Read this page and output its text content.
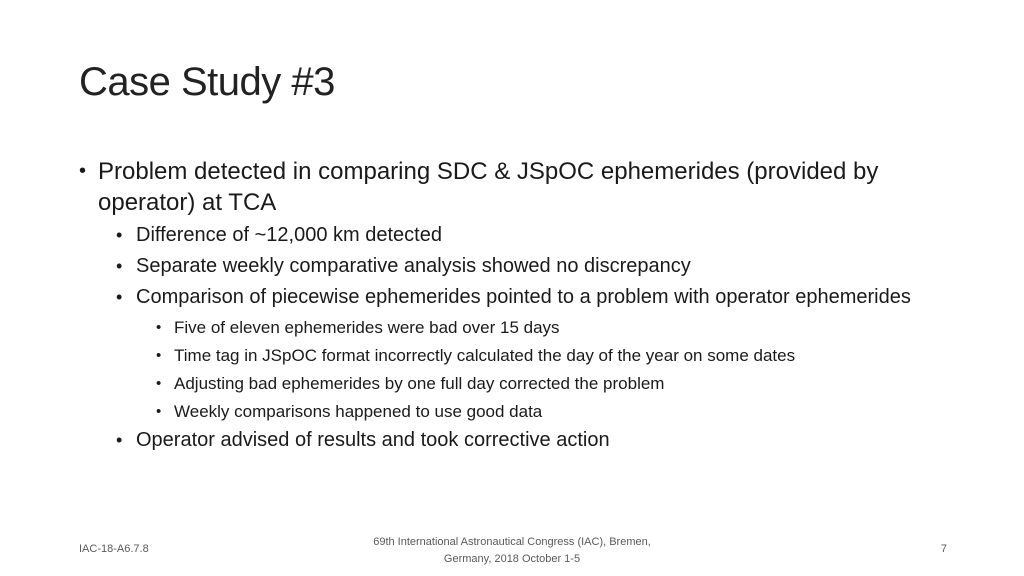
Case Study #3
• Problem detected in comparing SDC & JSpOC ephemerides (provided by operator) at TCA
• Difference of ~12,000 km detected
• Separate weekly comparative analysis showed no discrepancy
• Comparison of piecewise ephemerides pointed to a problem with operator ephemerides
• Five of eleven ephemerides were bad over 15 days
• Time tag in JSpOC format incorrectly calculated the day of the year on some dates
• Adjusting bad ephemerides by one full day corrected the problem
• Weekly comparisons happened to use good data
• Operator advised of results and took corrective action
IAC-18-A6.7.8
69th International Astronautical Congress (IAC), Bremen, Germany, 2018 October 1-5
7
